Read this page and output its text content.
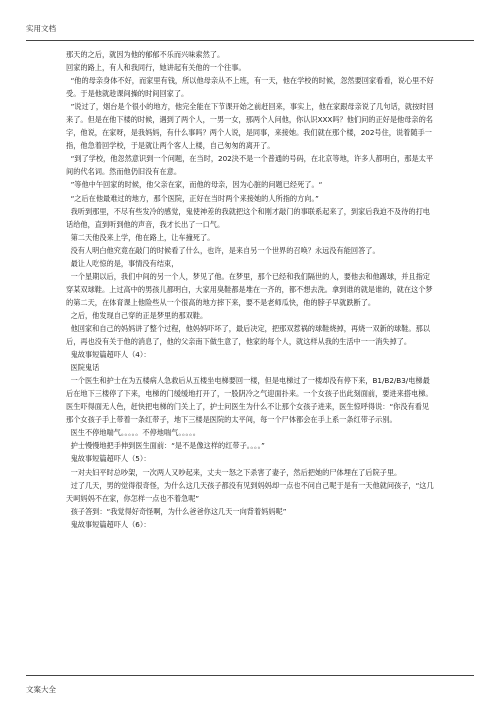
实用文档

那天的之后，就因为他的郁郁不乐而兴味索然了。

回家的路上，有人和我同行，她讲起有关他的一个往事。

“他的母亲身体不好，而家里有钱，所以他母亲从不上班，有一天，他在学校的时候，忽然要回家看看，说心里不好受。于是他就趁课间操的时间回家了。

”说过了，烟台是个很小的地方，他完全能在下节课开始之前赶回来，事实上，他在家跟母亲说了几句话，就按时回来了。但是在他下楼的时候，遇到了两个人，一男一女，那两个人问他，你认识XXX吗？他们问的正好是他母亲的名字，他说，在家呀，是我妈妈，有什么事吗？两个人说，是同事，来接她。我们就在那个楼，202号住，说着随手一指，他急着回学校，于是就让两个客人上楼，自己匆匆的离开了。

“到了学校，他忽然意识到一个问题，在当时，202決不是一个普通的号码，在北京等地，许多人都明白，那是太平间的代名词。然而他仍旧没有在意。

”等他中午回家的时候，他父亲在家，而他的母亲，因为心脏的问题已经死了。“

“之后在他最难过的地方，那个医院，正好在当时两个来接她的人所指的方向。”

我听到那里，不尽有些发冷的感觉，鬼使神差的我就把这个和刚才敲门的事联系起来了，到家后我迫不及待的打电话给他，直到听到他的声音，我才长出了一口气。

第二天他没来上学，他在路上，让车撞死了。

没有人明白他究竟在敲门的时候看了什么，也许，是来自另一个世界的召唤？永远没有能回答了。

最让人吃惊的是，事情没有结束，

一个星期以后，我们中间的另一个人，梦见了他。在梦里，那个已经和我们隔世的人，要他去和他踢球，并且指定穿某双球鞋。上过高中的男孩儿都明白，大家用臭鞋都是堆在一齐的，都不想去洗。拿到谁的就是谁的，就在这个梦的第二天，在体育课上他险些从一个很高的地方摔下来，要不是老师瓜快，他的脖子早就跌断了。

之后，他发现自己穿的正是梦里的那双鞋。

他回家和自己的妈妈讲了整个过程，他妈妈吓坏了，最后决定，把那双惹祸的球鞋烧掉，再烧一双新的球鞋。那以后，再也没有关于他的消息了，他的父亲南下做生意了，他家的每个人，就这样从我的生活中一一消失掉了。

鬼故事短篇超吓人（4）：

医院鬼话

一个医生和护士在为五楼病人急救后从五楼坐电梯要回一楼，但是电梯过了一楼却没有停下来，B1/B2/B3/电梯最后在地下三楼停了下来，电梯的门缓缓地打开了，一股阴冷之气迎面扑来。一个女孩子出此刻面前，要进来搭电梯。医生吓得面无人色，赶快把电梯的门关上了，护士问医生为什么不让那个女孩子进来，医生惊呼得说：“你没有看见那个女孩子手上带着一条红带子，地下三楼是医院的太平间，每一个尸体都会在手上系一条红带子示别。

医生不停地喘气。。。。。不停地喘气。。。。。

护士慢慢地把手伸到医生面前：“是不是像这样的红带子。。。。”

鬼故事短篇超吓人（5）：

一对夫妇平时总吵架，一次两人又吵起来，丈夫一怒之下杀害了妻子，然后把她的尸体埋在了后院子里。

过了几天，男的觉得很奇怪，为什么这几天孩子都没有见到妈妈却一点也不问自己呢于是有一天他就问孩子，“这几天呵妈妈不在家，你怎样一点也不着急呢”

孩子答到：“我觉得好奇怪啊，为什么爸爸你这几天一向背着妈妈呢”

鬼故事短篇超吓人（6）：

文案大全
